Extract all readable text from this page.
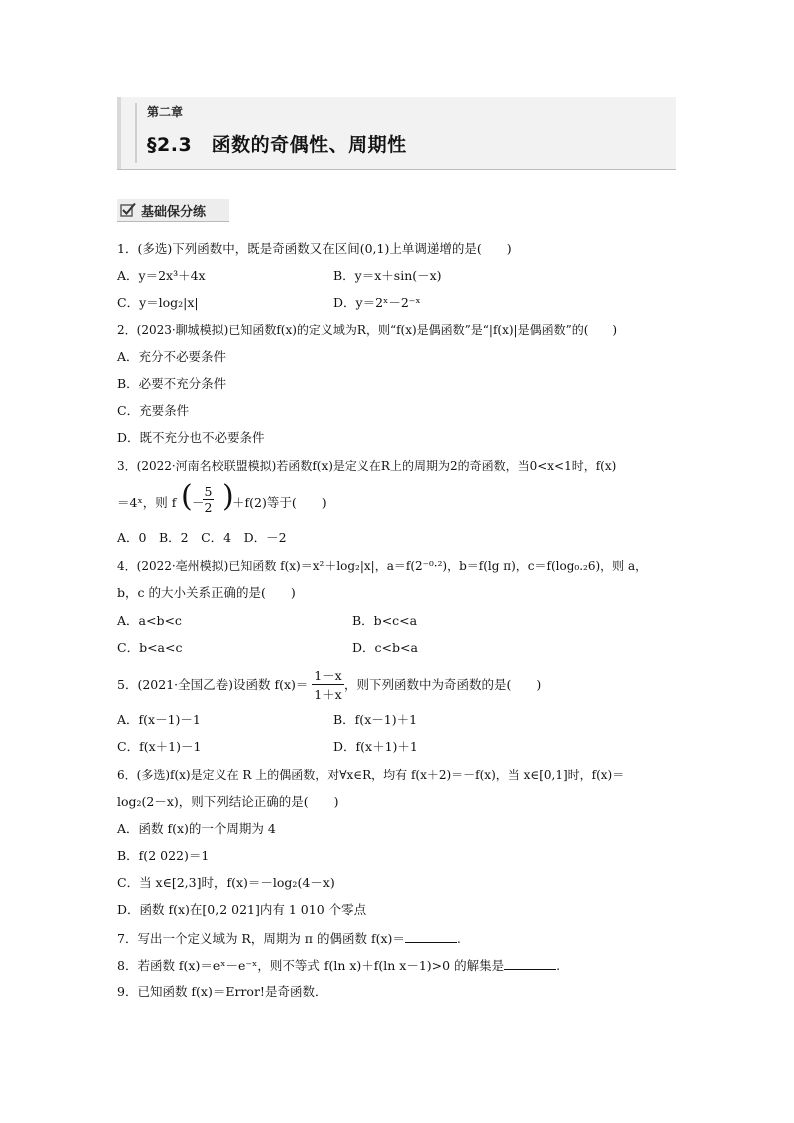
第二章
§2.3　函数的奇偶性、周期性
基础保分练
1．(多选)下列函数中，既是奇函数又在区间(0,1)上单调递增的是(　　)
A．y＝2x³＋4x	B．y＝x＋sin(－x)
C．y＝log₂|x|	D．y＝2ˣ－2⁻ˣ
2．(2023·聊城模拟)已知函数f(x)的定义域为R，则“f(x)是偶函数”是“|f(x)|是偶函数”的(　　)
A．充分不必要条件
B．必要不充分条件
C．充要条件
D．既不充分也不必要条件
3．(2022·河南名校联盟模拟)若函数f(x)是定义在R上的周期为2的奇函数，当0<x<1时，f(x)
＝4ˣ，则 f ( －
$\frac{5}{2}$ )
＋f(2)等于(　　)
A．0　B．2　C．4　D．－2
4．(2022·亳州模拟)已知函数 f(x)＝x²＋log₂|x|，a＝f(2⁻⁰·²)，b＝f(lg π)，c＝f(log₀.₂6)，则 a，
b，c 的大小关系正确的是(　　)
A．a<b<c	B．b<c<a
C．b<a<c	D．c<b<a
5．(2021·全国乙卷)设函数 $f(x)= \frac{1-x}{1+x}$ ，则下列函数中为奇函数的是(　　)
A．f(x－1)－1	B．f(x－1)＋1
C．f(x＋1)－1	D．f(x＋1)＋1
6．(多选)f(x)是定义在 R 上的偶函数，对∀x∈R，均有 f(x＋2)＝－f(x)，当 x∈[0,1]时，f(x)＝
log₂(2－x)，则下列结论正确的是(　　)
A．函数 f(x)的一个周期为 4
B．f(2 022)＝1
C．当 x∈[2,3]时，f(x)＝－log₂(4－x)
D．函数 f(x)在[0,2 021]内有 1 010 个零点
7．写出一个定义域为 R，周期为 π 的偶函数 f(x)＝	.
8．若函数 f(x)＝eˣ－e⁻ˣ，则不等式 f(ln x)＋f(ln x－1)>0 的解集是	.
9．已知函数 f(x)＝Error!是奇函数．
